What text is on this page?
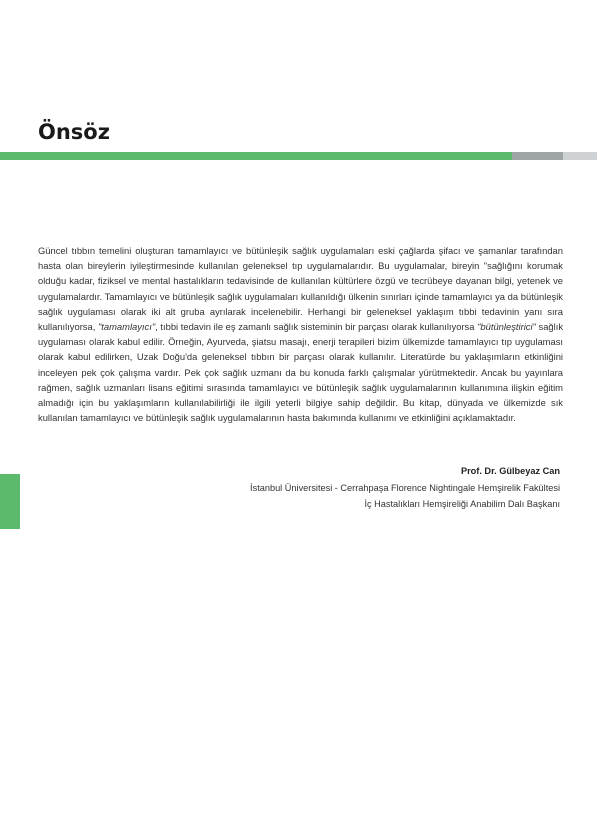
Önsöz

Güncel tıbbın temelini oluşturan tamamlayıcı ve bütünleşik sağlık uygulamaları eski çağlarda şifacı ve şamanlar tarafından hasta olan bireylerin iyileştirmesinde kullanılan geleneksel tıp uygulamalarıdır. Bu uygulamalar, bireyin "sağlığını korumak olduğu kadar, fiziksel ve mental hastalıkların tedavisinde de kullanılan kültürlere özgü ve tecrübeye dayanan bilgi, yetenek ve uygulamalardır. Tamamlayıcı ve bütünleşik sağlık uygulamaları kullanıldığı ülkenin sınırları içinde tamamlayıcı ya da bütünleşik sağlık uygulaması olarak iki alt gruba ayrılarak incelenebilir. Herhangi bir geleneksel yaklaşım tıbbi tedavinin yanı sıra kullanılıyorsa, "tamamlayıcı", tıbbi tedavin ile eş zamanlı sağlık sisteminin bir parçası olarak kullanılıyorsa "bütünleştirici" sağlık uygulaması olarak kabul edilir. Örneğin, Ayurveda, şiatsu masajı, enerji terapileri bizim ülkemizde tamamlayıcı tıp uygulaması olarak kabul edilirken, Uzak Doğu'da geleneksel tıbbın bir parçası olarak kullanılır. Literatürde bu yaklaşımların etkinliğini inceleyen pek çok çalışma vardır. Pek çok sağlık uzmanı da bu konuda farklı çalışmalar yürütmektedir. Ancak bu yayınlara rağmen, sağlık uzmanları lisans eğitimi sırasında tamamlayıcı ve bütünleşik sağlık uygulamalarının kullanımına ilişkin eğitim almadığı için bu yaklaşımların kullanılabilirliği ile ilgili yeterli bilgiye sahip değildir. Bu kitap, dünyada ve ülkemizde sık kullanılan tamamlayıcı ve bütünleşik sağlık uygulamalarının hasta bakımında kullanımı ve etkinliğini açıklamaktadır.

Prof. Dr. Gülbeyaz Can
İstanbul Üniversitesi - Cerrahpaşa Florence Nightingale Hemşirelik Fakültesi
İç Hastalıkları Hemşireliği Anabilim Dalı Başkanı
